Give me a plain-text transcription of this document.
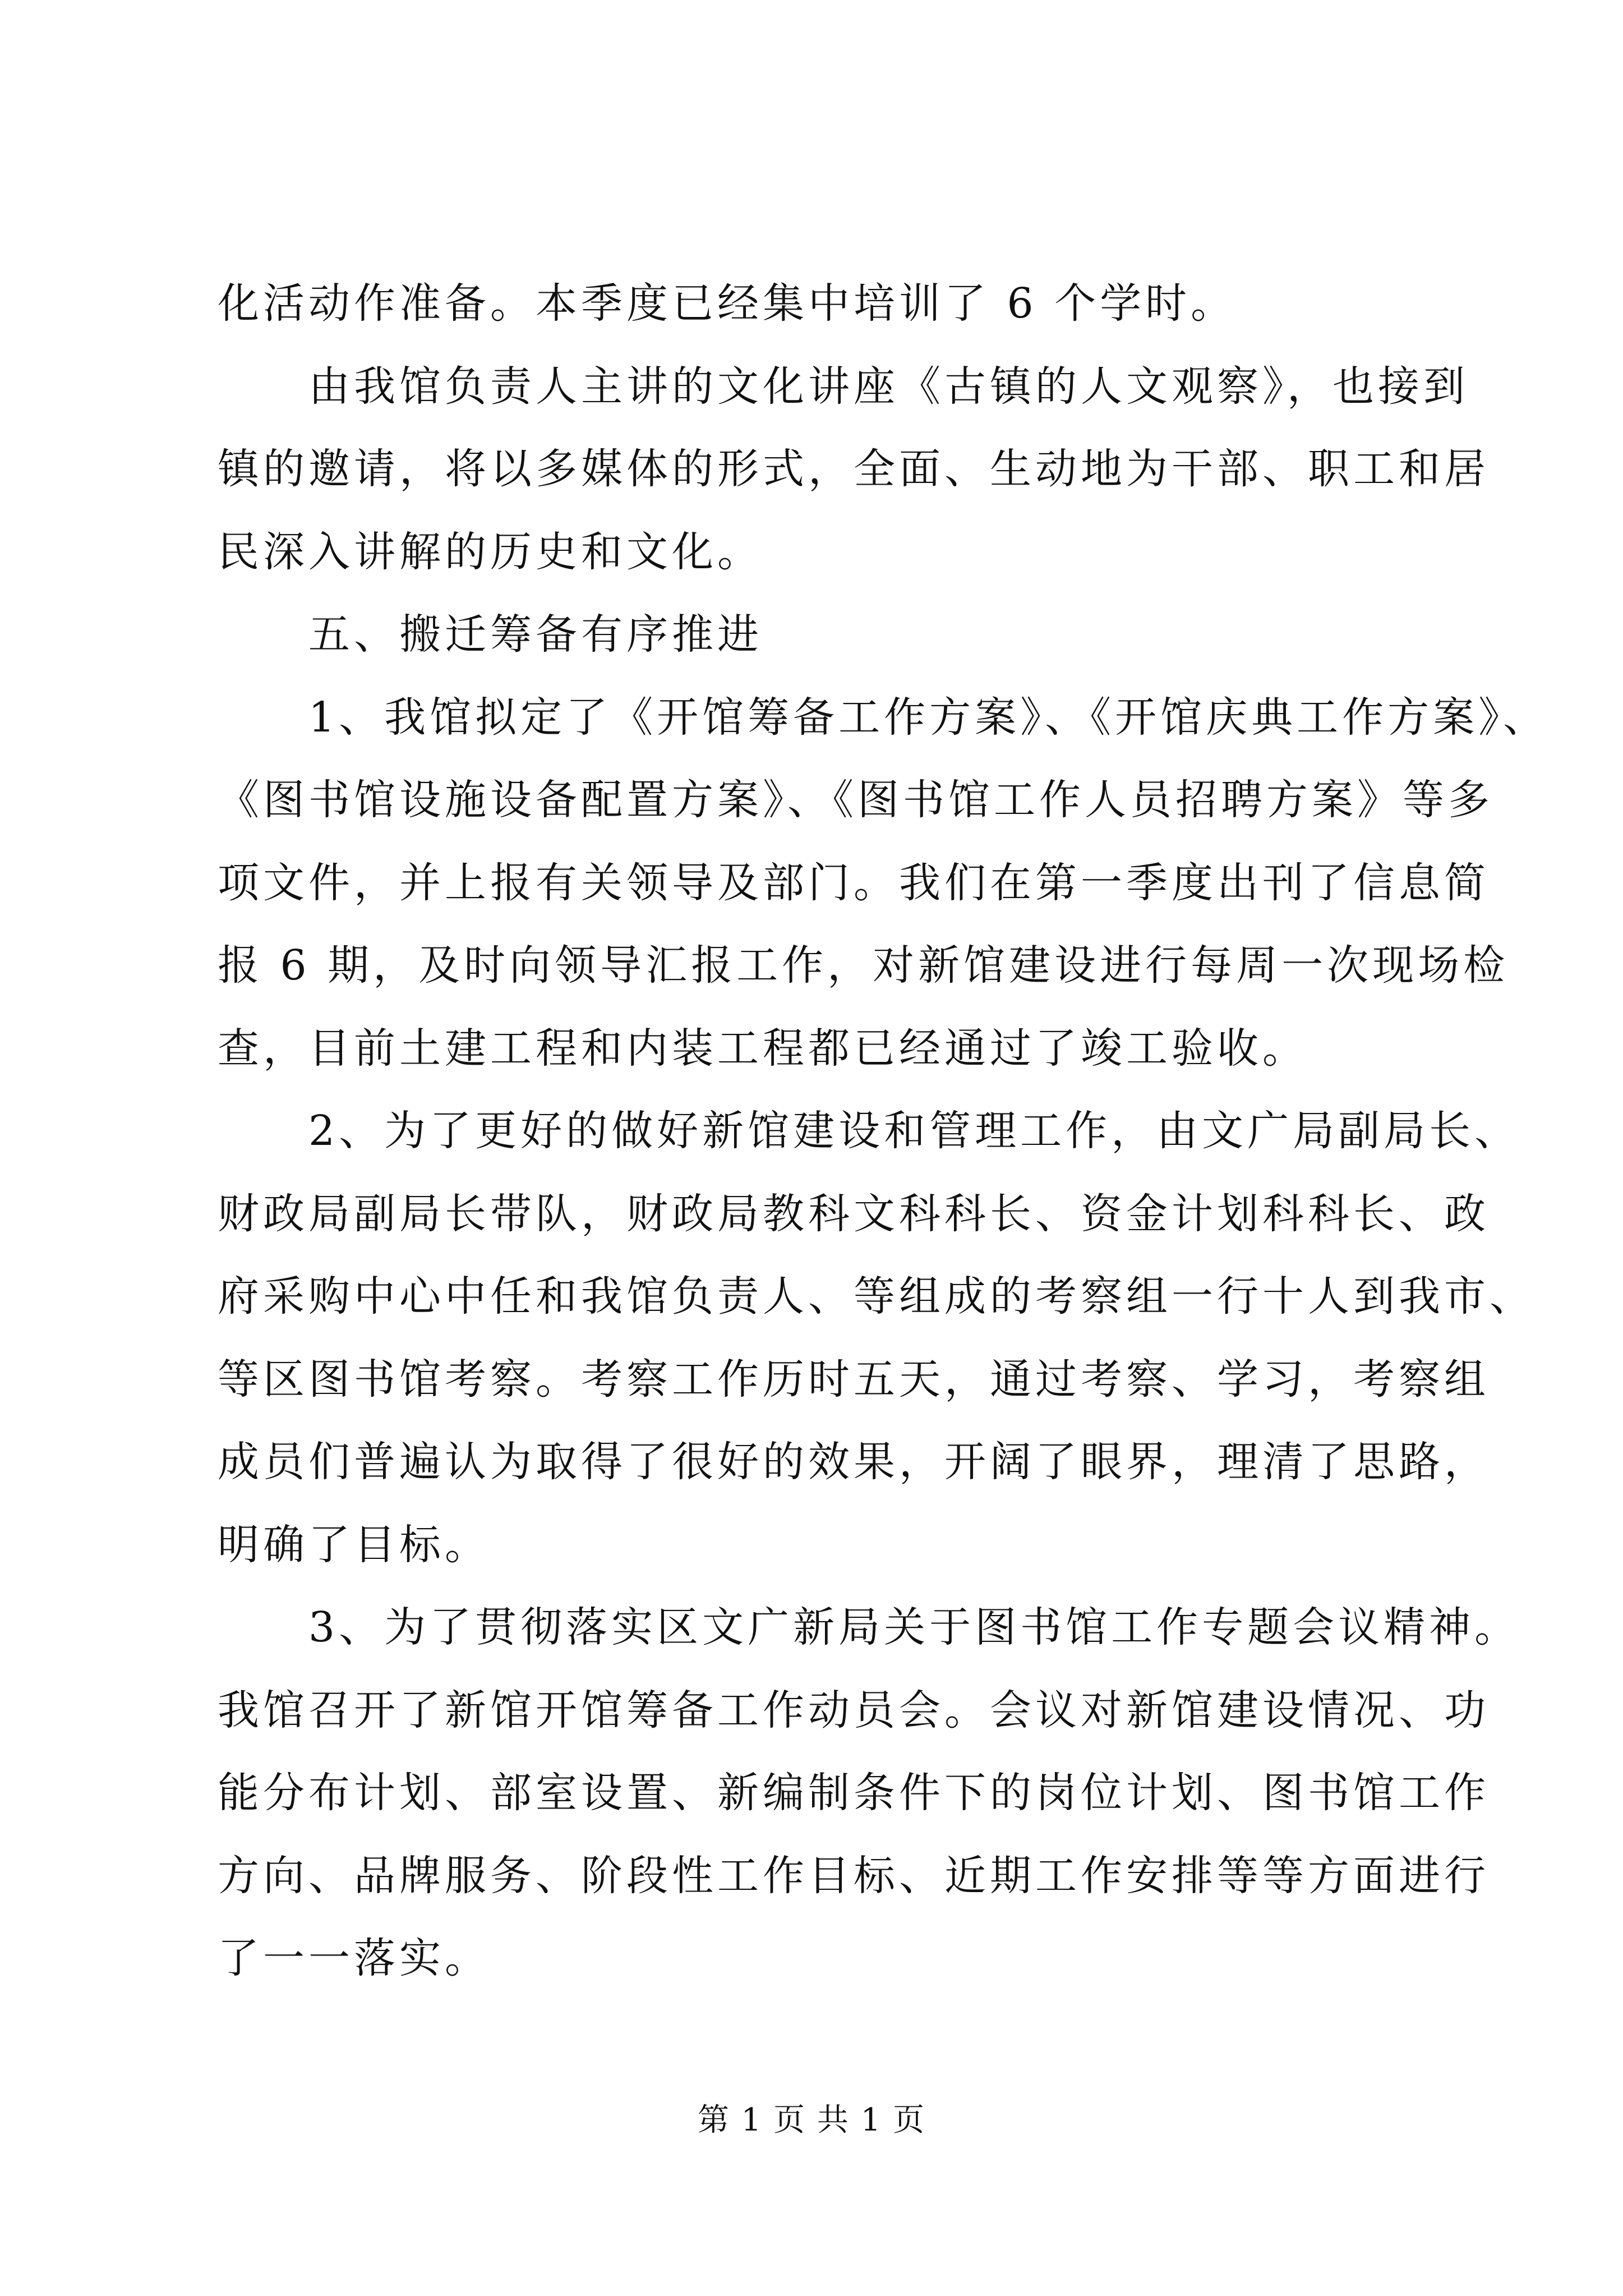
化活动作准备。本季度已经集中培训了 6 个学时。
由我馆负责人主讲的文化讲座《古镇的人文观察》，也接到
镇的邀请，将以多媒体的形式，全面、生动地为干部、职工和居
民深入讲解的历史和文化。
五、搬迁筹备有序推进
1、我馆拟定了《开馆筹备工作方案》、《开馆庆典工作方案》、
《图书馆设施设备配置方案》、《图书馆工作人员招聘方案》等多
项文件，并上报有关领导及部门。我们在第一季度出刊了信息简
报 6 期，及时向领导汇报工作，对新馆建设进行每周一次现场检
查，目前土建工程和内装工程都已经通过了竣工验收。
2、为了更好的做好新馆建设和管理工作，由文广局副局长、
财政局副局长带队，财政局教科文科科长、资金计划科科长、政
府采购中心中任和我馆负责人、等组成的考察组一行十人到我市、
等区图书馆考察。考察工作历时五天，通过考察、学习，考察组
成员们普遍认为取得了很好的效果，开阔了眼界，理清了思路，
明确了目标。
3、为了贯彻落实区文广新局关于图书馆工作专题会议精神。
我馆召开了新馆开馆筹备工作动员会。会议对新馆建设情况、功
能分布计划、部室设置、新编制条件下的岗位计划、图书馆工作
方向、品牌服务、阶段性工作目标、近期工作安排等等方面进行
了一一落实。
第 1 页 共 1 页
